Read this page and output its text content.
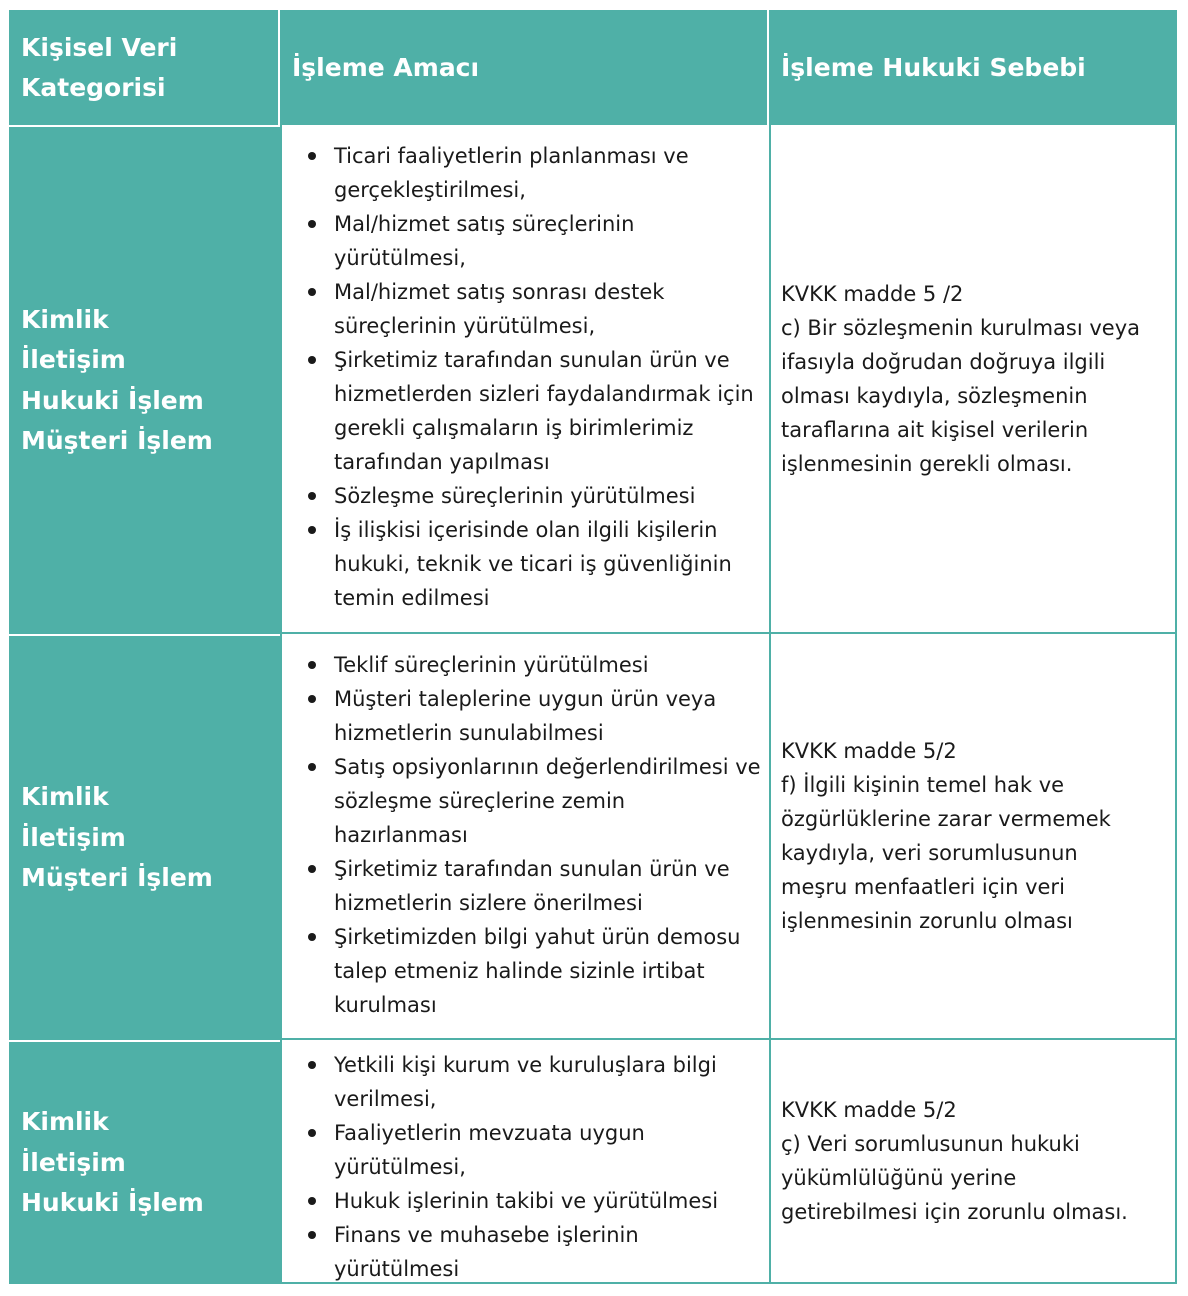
Kişisel Veri
Kategorisi
İşleme Amacı	İşleme Hukuki Sebebi
Kimlik
İletişim
Hukuki İşlem
Müşteri İşlem
Ticari faaliyetlerin planlanması ve gerçekleştirilmesi,
Mal/hizmet satış süreçlerinin yürütülmesi,
Mal/hizmet satış sonrası destek süreçlerinin yürütülmesi,
Şirketimiz tarafından sunulan ürün ve hizmetlerden sizleri faydalandırmak için gerekli çalışmaların iş birimlerimiz tarafından yapılması
Sözleşme süreçlerinin yürütülmesi
İş ilişkisi içerisinde olan ilgili kişilerin hukuki, teknik ve ticari iş güvenliğinin temin edilmesi
KVKK madde 5 /2
c) Bir sözleşmenin kurulması veya
ifasıyla doğrudan doğruya ilgili
olması kaydıyla, sözleşmenin
taraflarına ait kişisel verilerin
işlenmesinin gerekli olması.
Kimlik
İletişim
Müşteri İşlem
Teklif süreçlerinin yürütülmesi
Müşteri taleplerine uygun ürün veya hizmetlerin sunulabilmesi
Satış opsiyonlarının değerlendirilmesi ve sözleşme süreçlerine zemin hazırlanması
Şirketimiz tarafından sunulan ürün ve hizmetlerin sizlere önerilmesi
Şirketimizden bilgi yahut ürün demosu talep etmeniz halinde sizinle irtibat kurulması
KVKK madde 5/2
f) İlgili kişinin temel hak ve
özgürlüklerine zarar vermemek
kaydıyla, veri sorumlusunun
meşru menfaatleri için veri
işlenmesinin zorunlu olması
Kimlik
İletişim
Hukuki İşlem
Yetkili kişi kurum ve kuruluşlara bilgi verilmesi,
Faaliyetlerin mevzuata uygun yürütülmesi,
Hukuk işlerinin takibi ve yürütülmesi
Finans ve muhasebe işlerinin yürütülmesi
KVKK madde 5/2
ç) Veri sorumlusunun hukuki
yükümlülüğünü yerine
getirebilmesi için zorunlu olması.
